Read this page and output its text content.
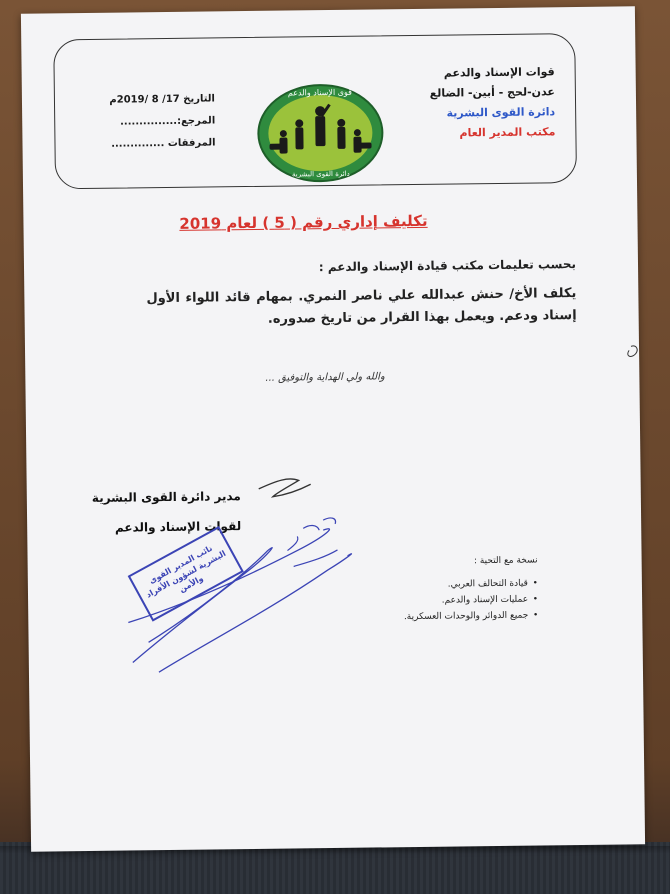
قوات الإسناد والدعم
عدن-لحج - أبين- الضالع
دائرة القوى البشرية
مكتب المدير العام
قوى الإسناد والدعم
دائرة القوى البشرية
التاريخ 17/ 8 /2019م
المرجع:...............
المرفقات ..............
تكليف إداري رقم ( 5 ) لعام 2019
بحسب تعليمات مكتب قيادة الإسناد والدعم :
يكلف الأخ/ حنش عبدالله علي ناصر النمري. بمهام قائد اللواء الأول إسناد ودعم. ويعمل بهذا القرار من تاريخ صدوره.
والله ولي الهداية والتوفيق ...
مدير دائرة القوى البشرية
لقوات الإسناد والدعم
نائب المدير القوى البشرية لشؤون الأفراد والأمن
نسخة مع التحية :
• قيادة التحالف العربي.
• عمليات الإسناد والدعم.
• جميع الدوائر والوحدات العسكرية.
